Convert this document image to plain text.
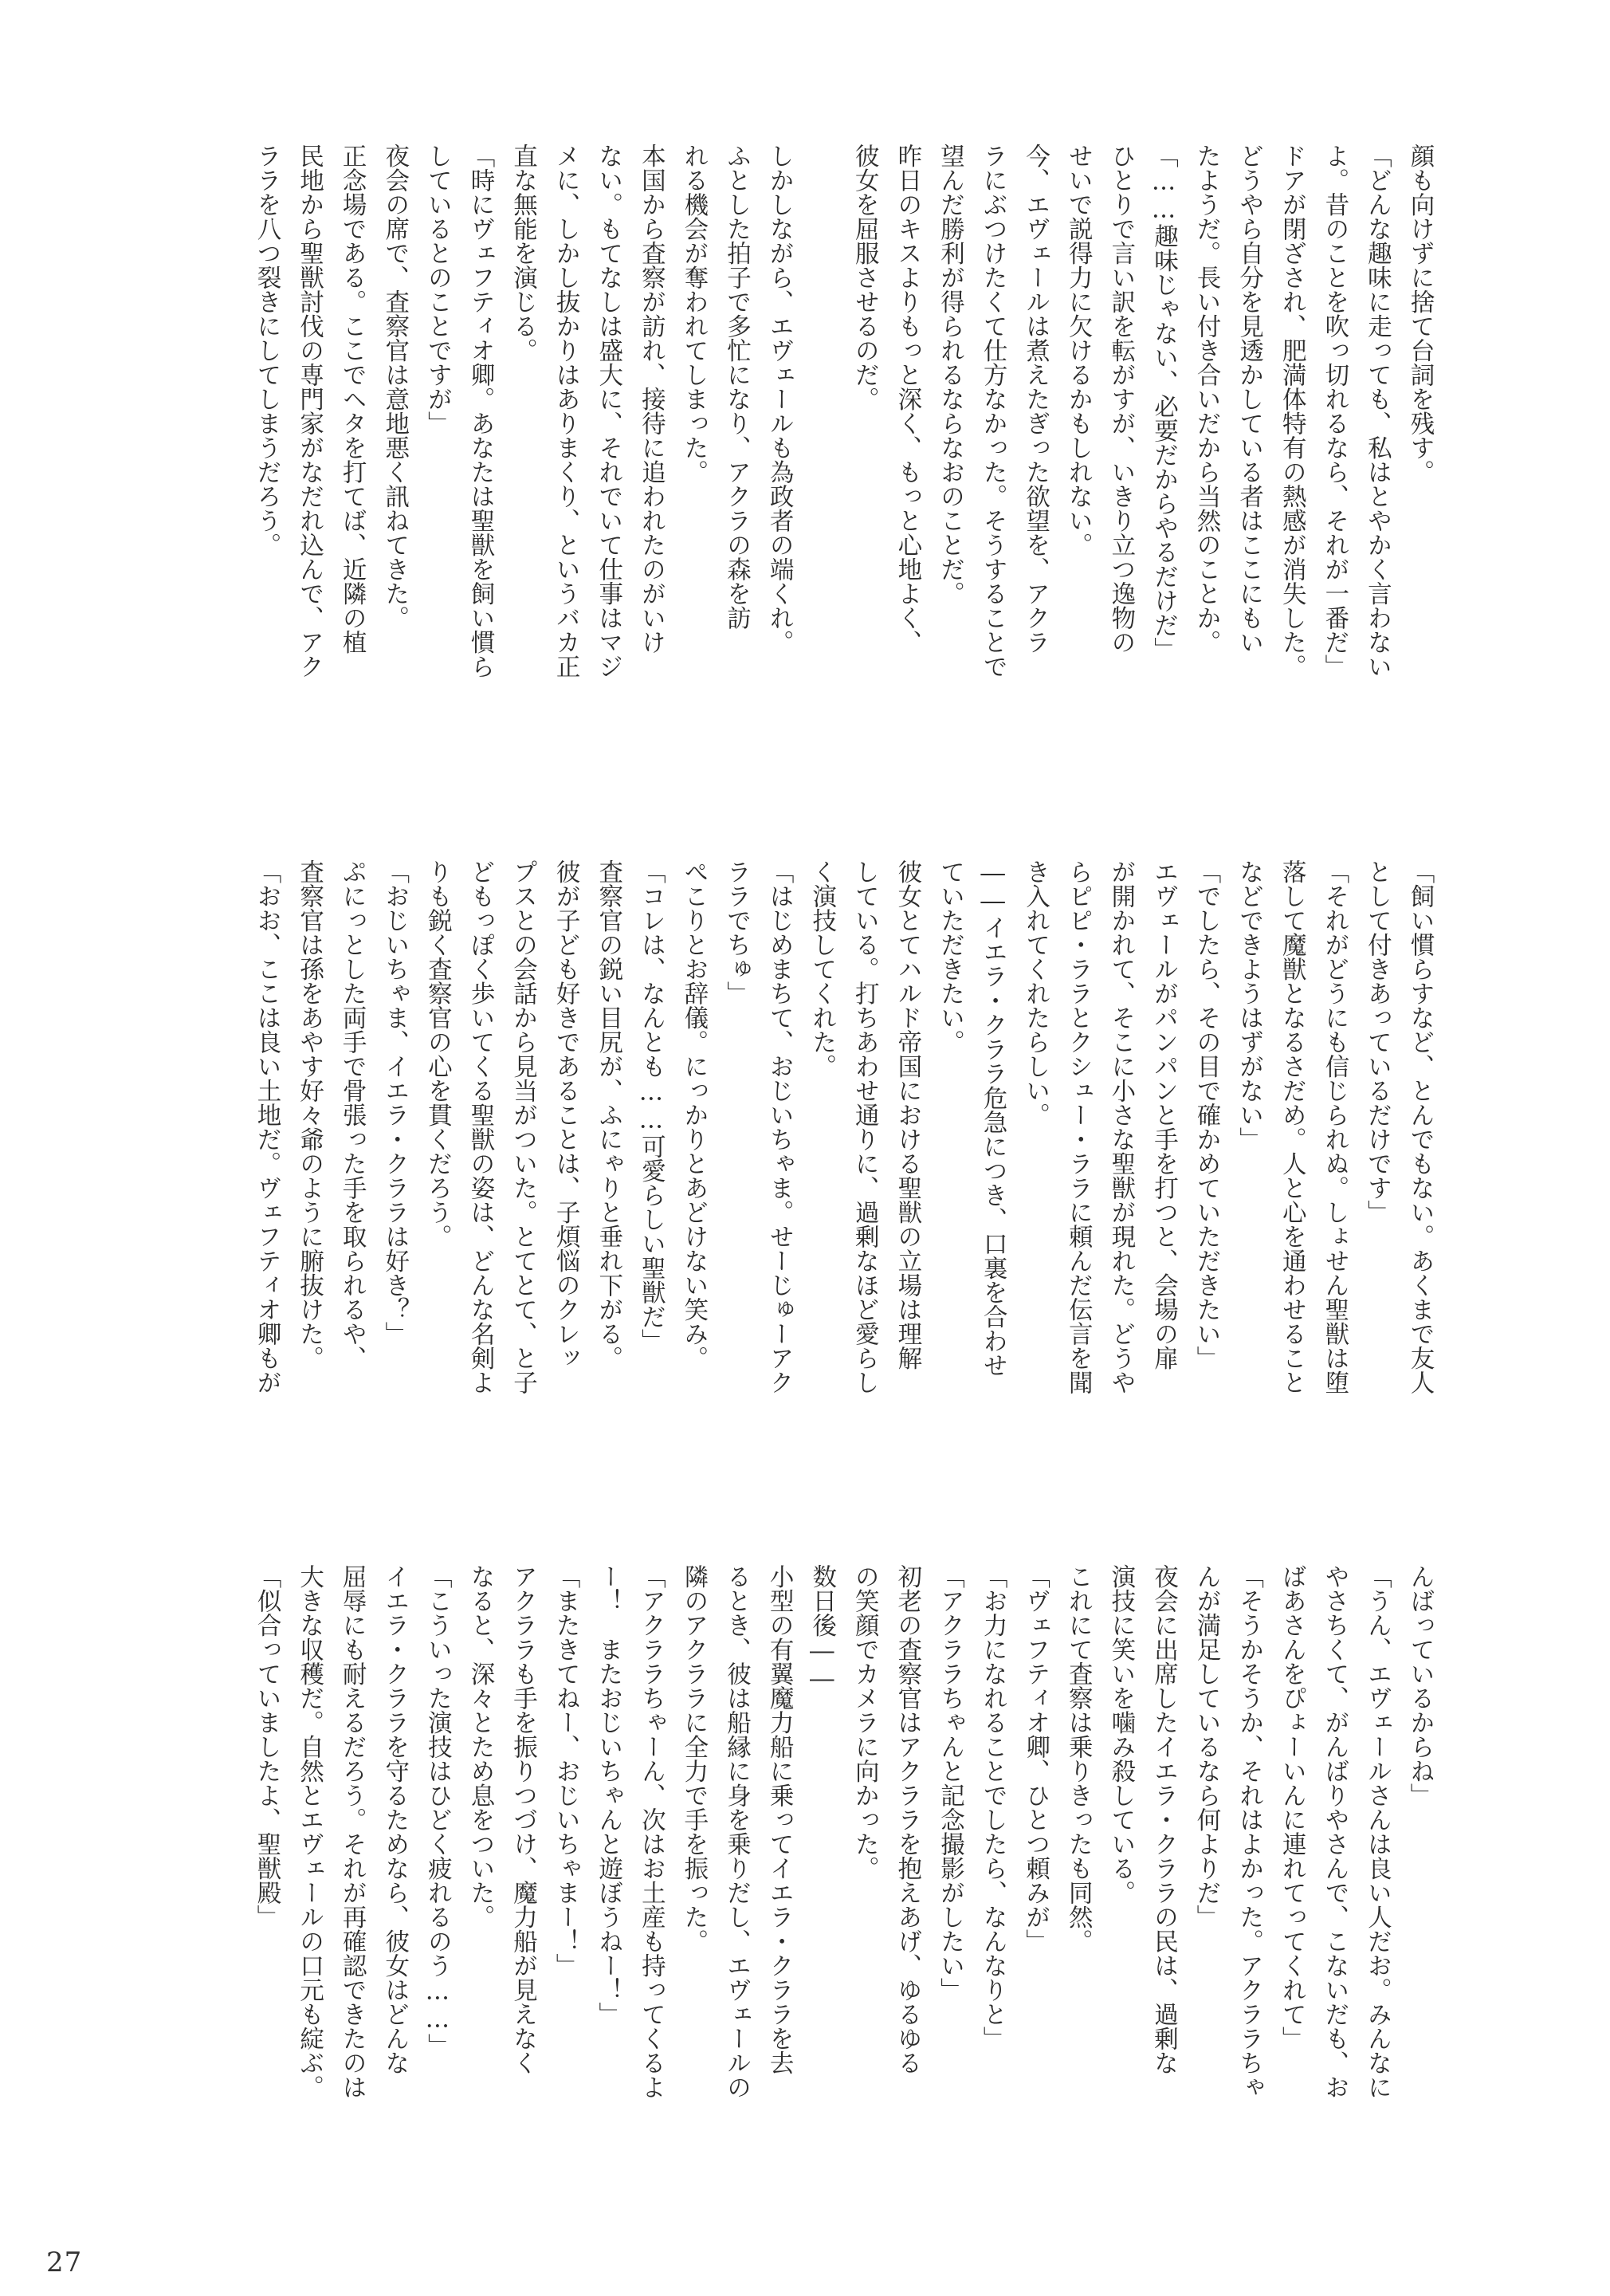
顔も向けずに捨て台詞を残す。
「どんな趣味に走っても、私はとやかく言わない
よ。昔のことを吹っ切れるなら、それが一番だ」
ドアが閉ざされ、肥満体特有の熱感が消失した。
どうやら自分を見透かしている者はここにもい
たようだ。長い付き合いだから当然のことか。
「……趣味じゃない、必要だからやるだけだ」
ひとりで言い訳を転がすが、いきり立つ逸物の
せいで説得力に欠けるかもしれない。
今、エヴェールは煮えたぎった欲望を、アクラ
ラにぶつけたくて仕方なかった。そうすることで
望んだ勝利が得られるならなおのことだ。
昨日のキスよりもっと深く、もっと心地よく、
彼女を屈服させるのだ。
しかしながら、エヴェールも為政者の端くれ。
ふとした拍子で多忙になり、アクラの森を訪
れる機会が奪われてしまった。
本国から査察が訪れ、接待に追われたのがいけ
ない。もてなしは盛大に、それでいて仕事はマジ
メに、しかし抜かりはありまくり、というバカ正
直な無能を演じる。
「時にヴェフティオ卿。あなたは聖獣を飼い慣ら
しているとのことですが」
夜会の席で、査察官は意地悪く訊ねてきた。
正念場である。ここでヘタを打てば、近隣の植
民地から聖獣討伐の専門家がなだれ込んで、アク
ララを八つ裂きにしてしまうだろう。
「飼い慣らすなど、とんでもない。あくまで友人
として付きあっているだけです」
「それがどうにも信じられぬ。しょせん聖獣は堕
落して魔獣となるさだめ。人と心を通わせること
などできようはずがない」
「でしたら、その目で確かめていただきたい」
エヴェールがパンパンと手を打つと、会場の扉
が開かれて、そこに小さな聖獣が現れた。どうや
らピピ・ララとクシュー・ララに頼んだ伝言を聞
き入れてくれたらしい。
――イエラ・クララ危急につき、口裏を合わせ
ていただきたい。
彼女とてハルド帝国における聖獣の立場は理解
している。打ちあわせ通りに、過剰なほど愛らし
く演技してくれた。
「はじめまちて、おじいちゃま。せーじゅーアク
ララでちゅ」
ぺこりとお辞儀。にっかりとあどけない笑み。
「コレは、なんとも……可愛らしい聖獣だ」
査察官の鋭い目尻が、ふにゃりと垂れ下がる。
彼が子ども好きであることは、子煩悩のクレッ
プスとの会話から見当がついた。とてとて、と子
どもっぽく歩いてくる聖獣の姿は、どんな名剣よ
りも鋭く査察官の心を貫くだろう。
「おじいちゃま、イエラ・クララは好き？」
ぷにっとした両手で骨張った手を取られるや、
査察官は孫をあやす好々爺のように腑抜けた。
「おお、ここは良い土地だ。ヴェフティオ卿もが
んばっているからね」
「うん、エヴェールさんは良い人だお。みんなに
やさちくて、がんばりやさんで、こないだも、お
ばあさんをぴょーいんに連れてってくれて」
「そうかそうか、それはよかった。アクララちゃ
んが満足しているなら何よりだ」
夜会に出席したイエラ・クララの民は、過剰な
演技に笑いを噛み殺している。
これにて査察は乗りきったも同然。
「ヴェフティオ卿、ひとつ頼みが」
「お力になれることでしたら、なんなりと」
「アクララちゃんと記念撮影がしたい」
初老の査察官はアクララを抱えあげ、ゆるゆる
の笑顔でカメラに向かった。
数日後――
小型の有翼魔力船に乗ってイエラ・クララを去
るとき、彼は船縁に身を乗りだし、エヴェールの
隣のアクララに全力で手を振った。
「アクララちゃーん、次はお土産も持ってくるよ
ー！　またおじいちゃんと遊ぼうねー！」
「またきてねー、おじいちゃまー！」
アクララも手を振りつづけ、魔力船が見えなく
なると、深々とため息をついた。
「こういった演技はひどく疲れるのう……」
イエラ・クララを守るためなら、彼女はどんな
屈辱にも耐えるだろう。それが再確認できたのは
大きな収穫だ。自然とエヴェールの口元も綻ぶ。
「似合っていましたよ、聖獣殿」
27
